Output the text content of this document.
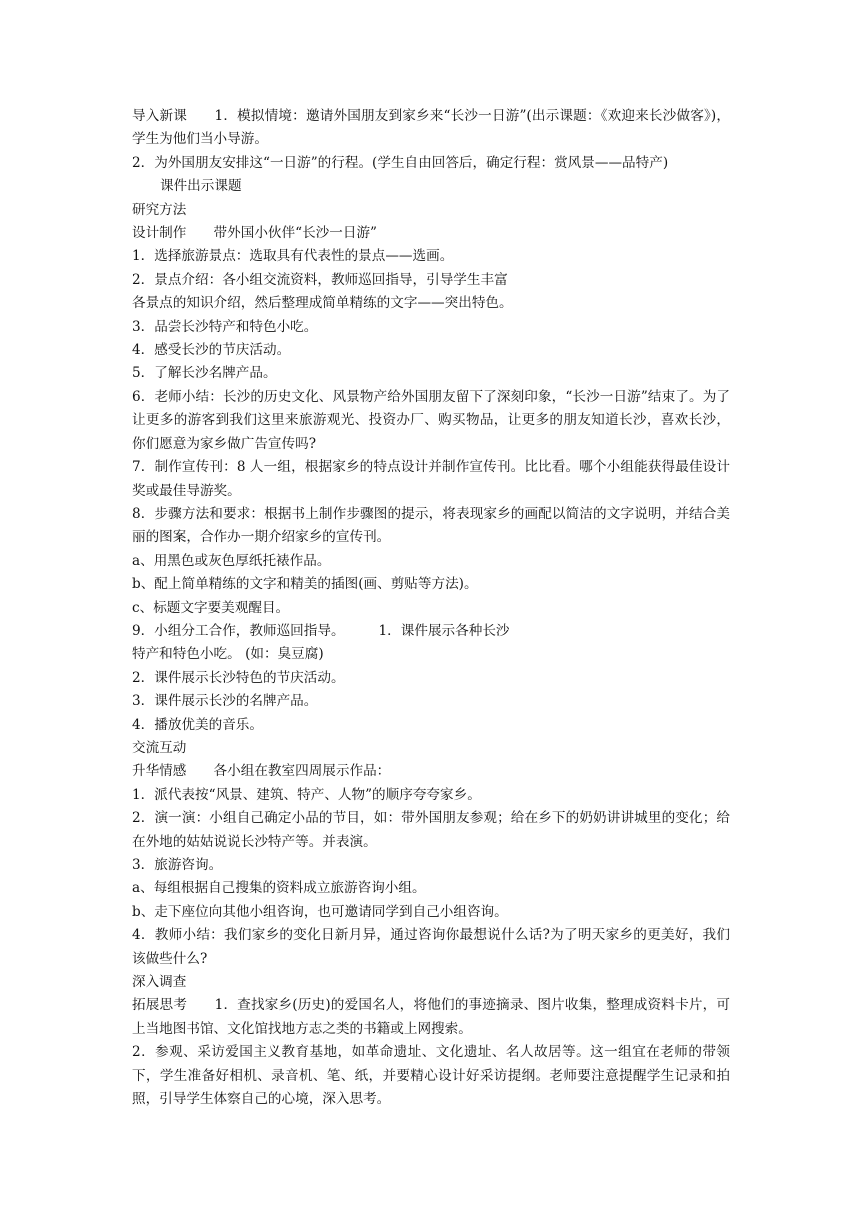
导入新课　　1．模拟情境：邀请外国朋友到家乡来“长沙一日游”(出示课题：《欢迎来长沙做客》)，学生为他们当小导游。

2．为外国朋友安排这“一日游”的行程。(学生自由回答后，确定行程：赏风景——品特产)

课件出示课题

研究方法

设计制作　　带外国小伙伴“长沙一日游”

1．选择旅游景点：选取具有代表性的景点——选画。

2．景点介绍：各小组交流资料，教师巡回指导，引导学生丰富

各景点的知识介绍，然后整理成简单精练的文字——突出特色。

3．品尝长沙特产和特色小吃。

4．感受长沙的节庆活动。

5．了解长沙名牌产品。

6．老师小结：长沙的历史文化、风景物产给外国朋友留下了深刻印象，“长沙一日游”结束了。为了让更多的游客到我们这里来旅游观光、投资办厂、购买物品，让更多的朋友知道长沙，喜欢长沙，你们愿意为家乡做广告宣传吗?

7．制作宣传刊：8 人一组，根据家乡的特点设计并制作宣传刊。比比看。哪个小组能获得最佳设计奖或最佳导游奖。

8．步骤方法和要求：根据书上制作步骤图的提示，将表现家乡的画配以简洁的文字说明，并结合美丽的图案，合作办一期介绍家乡的宣传刊。

a、用黑色或灰色厚纸托裱作品。

b、配上简单精练的文字和精美的插图(画、剪贴等方法)。

c、标题文字要美观醒目。

9．小组分工合作，教师巡回指导。　　　1．课件展示各种长沙

特产和特色小吃。 (如：臭豆腐)

2．课件展示长沙特色的节庆活动。

3．课件展示长沙的名牌产品。

4．播放优美的音乐。

交流互动

升华情感　　各小组在教室四周展示作品：

1．派代表按“风景、建筑、特产、人物”的顺序夸夸家乡。

2．演一演：小组自己确定小品的节目，如：带外国朋友参观；给在乡下的奶奶讲讲城里的变化；给在外地的姑姑说说长沙特产等。并表演。

3．旅游咨询。

a、每组根据自己搜集的资料成立旅游咨询小组。

b、走下座位向其他小组咨询，也可邀请同学到自己小组咨询。

4．教师小结：我们家乡的变化日新月异，通过咨询你最想说什么话?为了明天家乡的更美好，我们该做些什么?

深入调查

拓展思考　　1．查找家乡(历史)的爱国名人，将他们的事迹摘录、图片收集，整理成资料卡片，可上当地图书馆、文化馆找地方志之类的书籍或上网搜索。

2．参观、采访爱国主义教育基地，如革命遗址、文化遗址、名人故居等。这一组宜在老师的带领下，学生准备好相机、录音机、笔、纸，并要精心设计好采访提纲。老师要注意提醒学生记录和拍照，引导学生体察自己的心境，深入思考。
